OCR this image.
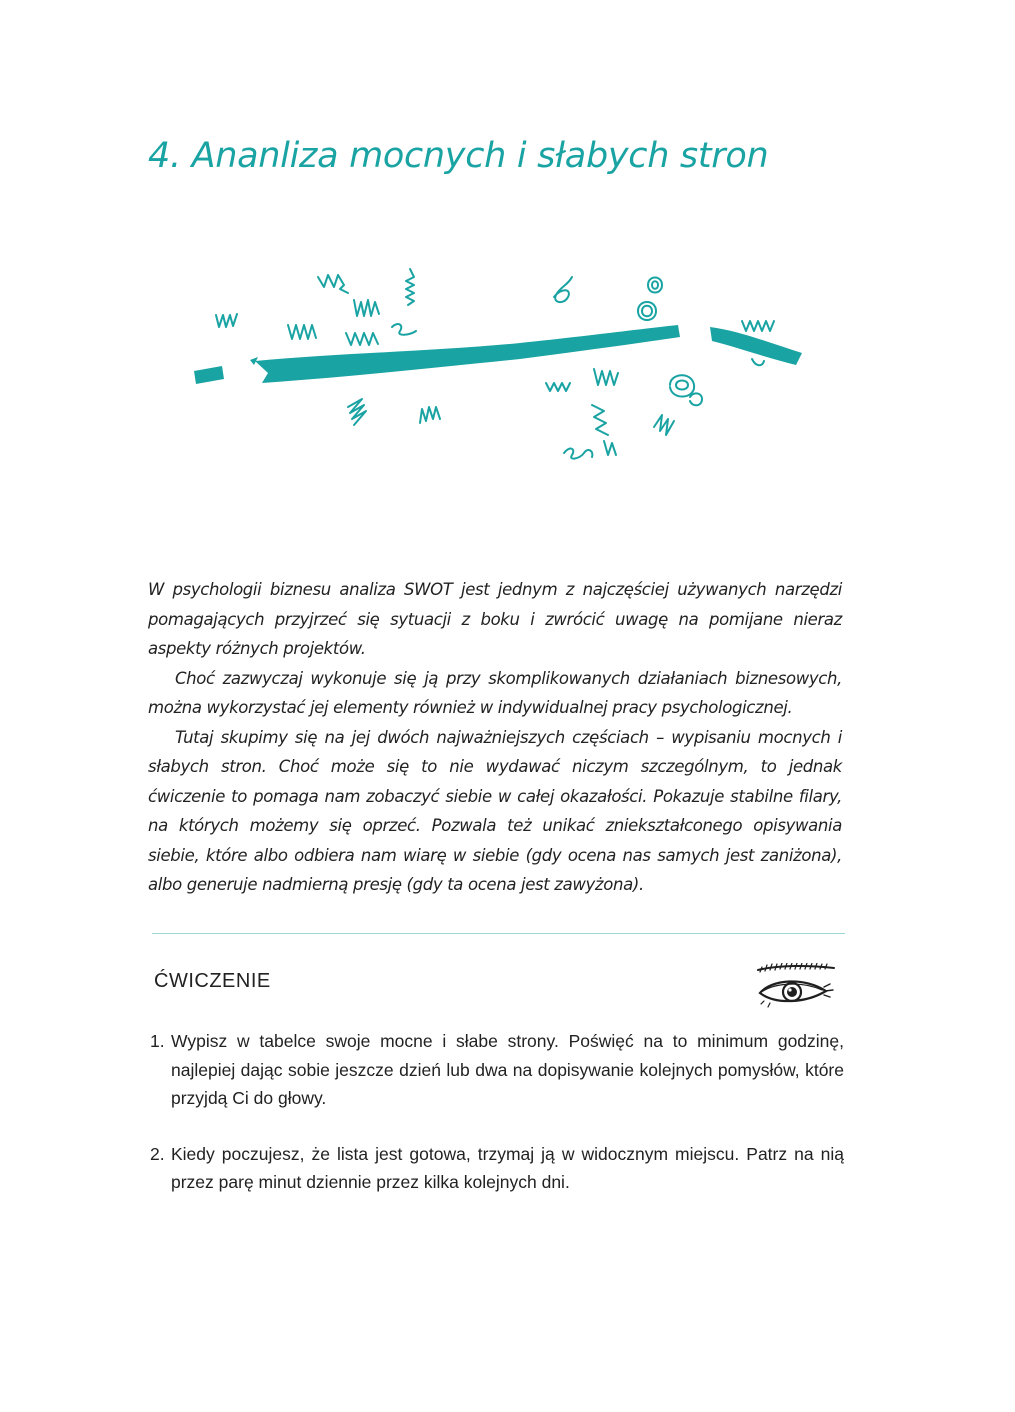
4. Ananliza mocnych i słabych stron

W psychologii biznesu analiza SWOT jest jednym z najczęściej używanych narzędzi pomagających przyjrzeć się sytuacji z boku i zwrócić uwagę na pomijane nieraz aspekty różnych projektów.

Choć zazwyczaj wykonuje się ją przy skomplikowanych działaniach biznesowych, można wykorzystać jej elementy również w indywidualnej pracy psychologicznej.

Tutaj skupimy się na jej dwóch najważniejszych częściach – wypisaniu mocnych i słabych stron. Choć może się to nie wydawać niczym szczególnym, to jednak ćwiczenie to pomaga nam zobaczyć siebie w całej okazałości. Pokazuje stabilne filary, na których możemy się oprzeć. Pozwala też unikać zniekształconego opisywania siebie, które albo odbiera nam wiarę w siebie (gdy ocena nas samych jest zaniżona), albo generuje nadmierną presję (gdy ta ocena jest zawyżona).

ĆWICZENIE
1. Wypisz w tabelce swoje mocne i słabe strony. Poświęć na to minimum godzinę, najlepiej dając sobie jeszcze dzień lub dwa na dopisywanie kolejnych pomysłów, które przyjdą Ci do głowy.
2. Kiedy poczujesz, że lista jest gotowa, trzymaj ją w widocznym miejscu. Patrz na nią przez parę minut dziennie przez kilka kolejnych dni.
